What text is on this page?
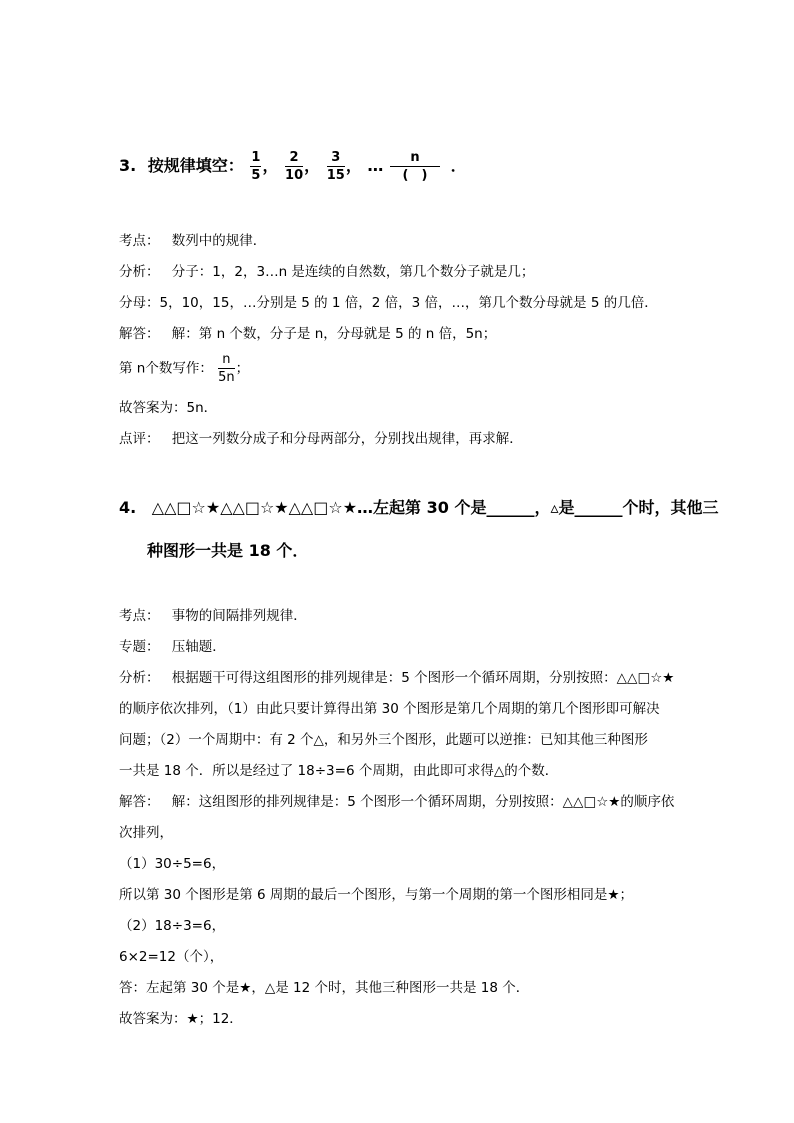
3. 按规律填空： $\frac{1}{5}$ ， $\frac{2}{10}$ ， $\frac{3}{15}$ ， … $\frac{n}{( )}$ ．
考点： 数列中的规律．
分析： 分子：1，2，3…n 是连续的自然数，第几个数分子就是几；
分母：5，10，15，…分别是 5 的 1 倍，2 倍，3 倍，…，第几个数分母就是 5 的几倍．
解答： 解：第 n 个数，分子是 n，分母就是 5 的 n 倍，5n；
第 n个数写作： $\frac{n}{5n}$ ；
故答案为：5n．
点评： 把这一列数分成子和分母两部分，分别找出规律，再求解．
4. △△□☆★△△□☆★△△□☆★…左起第 30 个是______，▵是______个时，其他三
种图形一共是 18 个．
考点： 事物的间隔排列规律．
专题： 压轴题．
分析： 根据题干可得这组图形的排列规律是：5 个图形一个循环周期，分别按照：△△□☆★
的顺序依次排列，（1）由此只要计算得出第 30 个图形是第几个周期的第几个图形即可解决
问题；（2）一个周期中：有 2 个△，和另外三个图形，此题可以逆推：已知其他三种图形
一共是 18 个．所以是经过了 18÷3=6 个周期，由此即可求得△的个数．
解答： 解：这组图形的排列规律是：5 个图形一个循环周期，分别按照：△△□☆★的顺序依
次排列，
（1）30÷5=6，
所以第 30 个图形是第 6 周期的最后一个图形，与第一个周期的第一个图形相同是★；
（2）18÷3=6，
6×2=12（个），
答：左起第 30 个是★，△是 12 个时，其他三种图形一共是 18 个．
故答案为：★；12．
